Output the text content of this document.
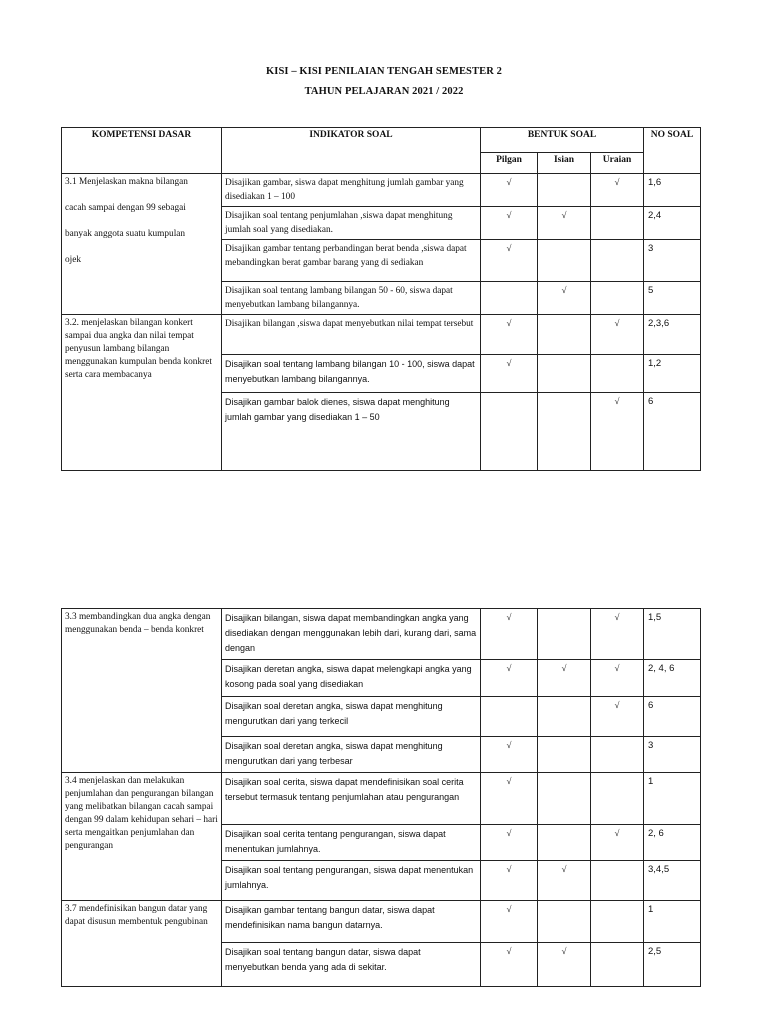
KISI – KISI PENILAIAN TENGAH SEMESTER 2
TAHUN PELAJARAN 2021 / 2022
KOMPETENSI DASAR	INDIKATOR SOAL	BENTUK SOAL			NO SOAL
		Pilgan	Isian	Uraian	

3.1 Menjelaskan makna bilangan
cacah sampai dengan 99 sebagai
banyak anggota suatu kumpulan
ojek	Disajikan gambar, siswa dapat menghitung jumlah gambar yang disediakan 1 – 100	√		√	1,6
	Disajikan soal tentang penjumlahan ,siswa dapat menghitung jumlah soal yang disediakan.	√	√		2,4
	Disajikan gambar tentang perbandingan berat benda ,siswa dapat mebandingkan berat gambar barang yang di sediakan	√			3
	Disajikan soal tentang lambang bilangan 50 - 60, siswa dapat menyebutkan lambang bilangannya.		√		5
3.2. menjelaskan bilangan konkert sampai dua angka dan nilai tempat penyusun lambang bilangan menggunakan kumpulan benda konkret serta cara membacanya	Disajikan bilangan ,siswa dapat menyebutkan nilai tempat tersebut	√		√	2,3,6
	Disajikan soal tentang lambang bilangan 10 - 100, siswa dapat menyebutkan lambang bilangannya.	√			1,2
	Disajikan gambar balok dienes, siswa dapat menghitung jumlah gambar yang disediakan 1 – 50			√	6
3.3 membandingkan dua angka dengan menggunakan benda – benda konkret	Disajikan bilangan, siswa dapat membandingkan angka yang disediakan dengan menggunakan lebih dari, kurang dari, sama dengan	√		√	1,5
	Disajikan deretan angka, siswa dapat melengkapi angka yang kosong pada soal yang disediakan	√	√	√	2, 4, 6
	Disajikan soal deretan angka, siswa dapat menghitung mengurutkan dari yang terkecil			√	6
	Disajikan soal deretan angka, siswa dapat menghitung mengurutkan dari yang terbesar	√			3
3.4 menjelaskan dan melakukan penjumlahan dan pengurangan bilangan yang melibatkan bilangan cacah sampai dengan 99 dalam kehidupan sehari – hari serta mengaitkan penjumlahan dan pengurangan	Disajikan soal cerita, siswa dapat mendefinisikan soal cerita tersebut termasuk tentang penjumlahan atau pengurangan	√			1
	Disajikan soal cerita tentang pengurangan, siswa dapat menentukan jumlahnya.	√		√	2, 6
	Disajikan soal tentang pengurangan, siswa dapat menentukan jumlahnya.	√	√		3,4,5
3.7 mendefinisikan bangun datar yang dapat disusun membentuk pengubinan	Disajikan gambar tentang bangun datar, siswa dapat mendefinisikan nama bangun datarnya.	√			1
	Disajikan soal tentang bangun datar, siswa dapat menyebutkan benda yang ada di sekitar.	√	√		2,5
